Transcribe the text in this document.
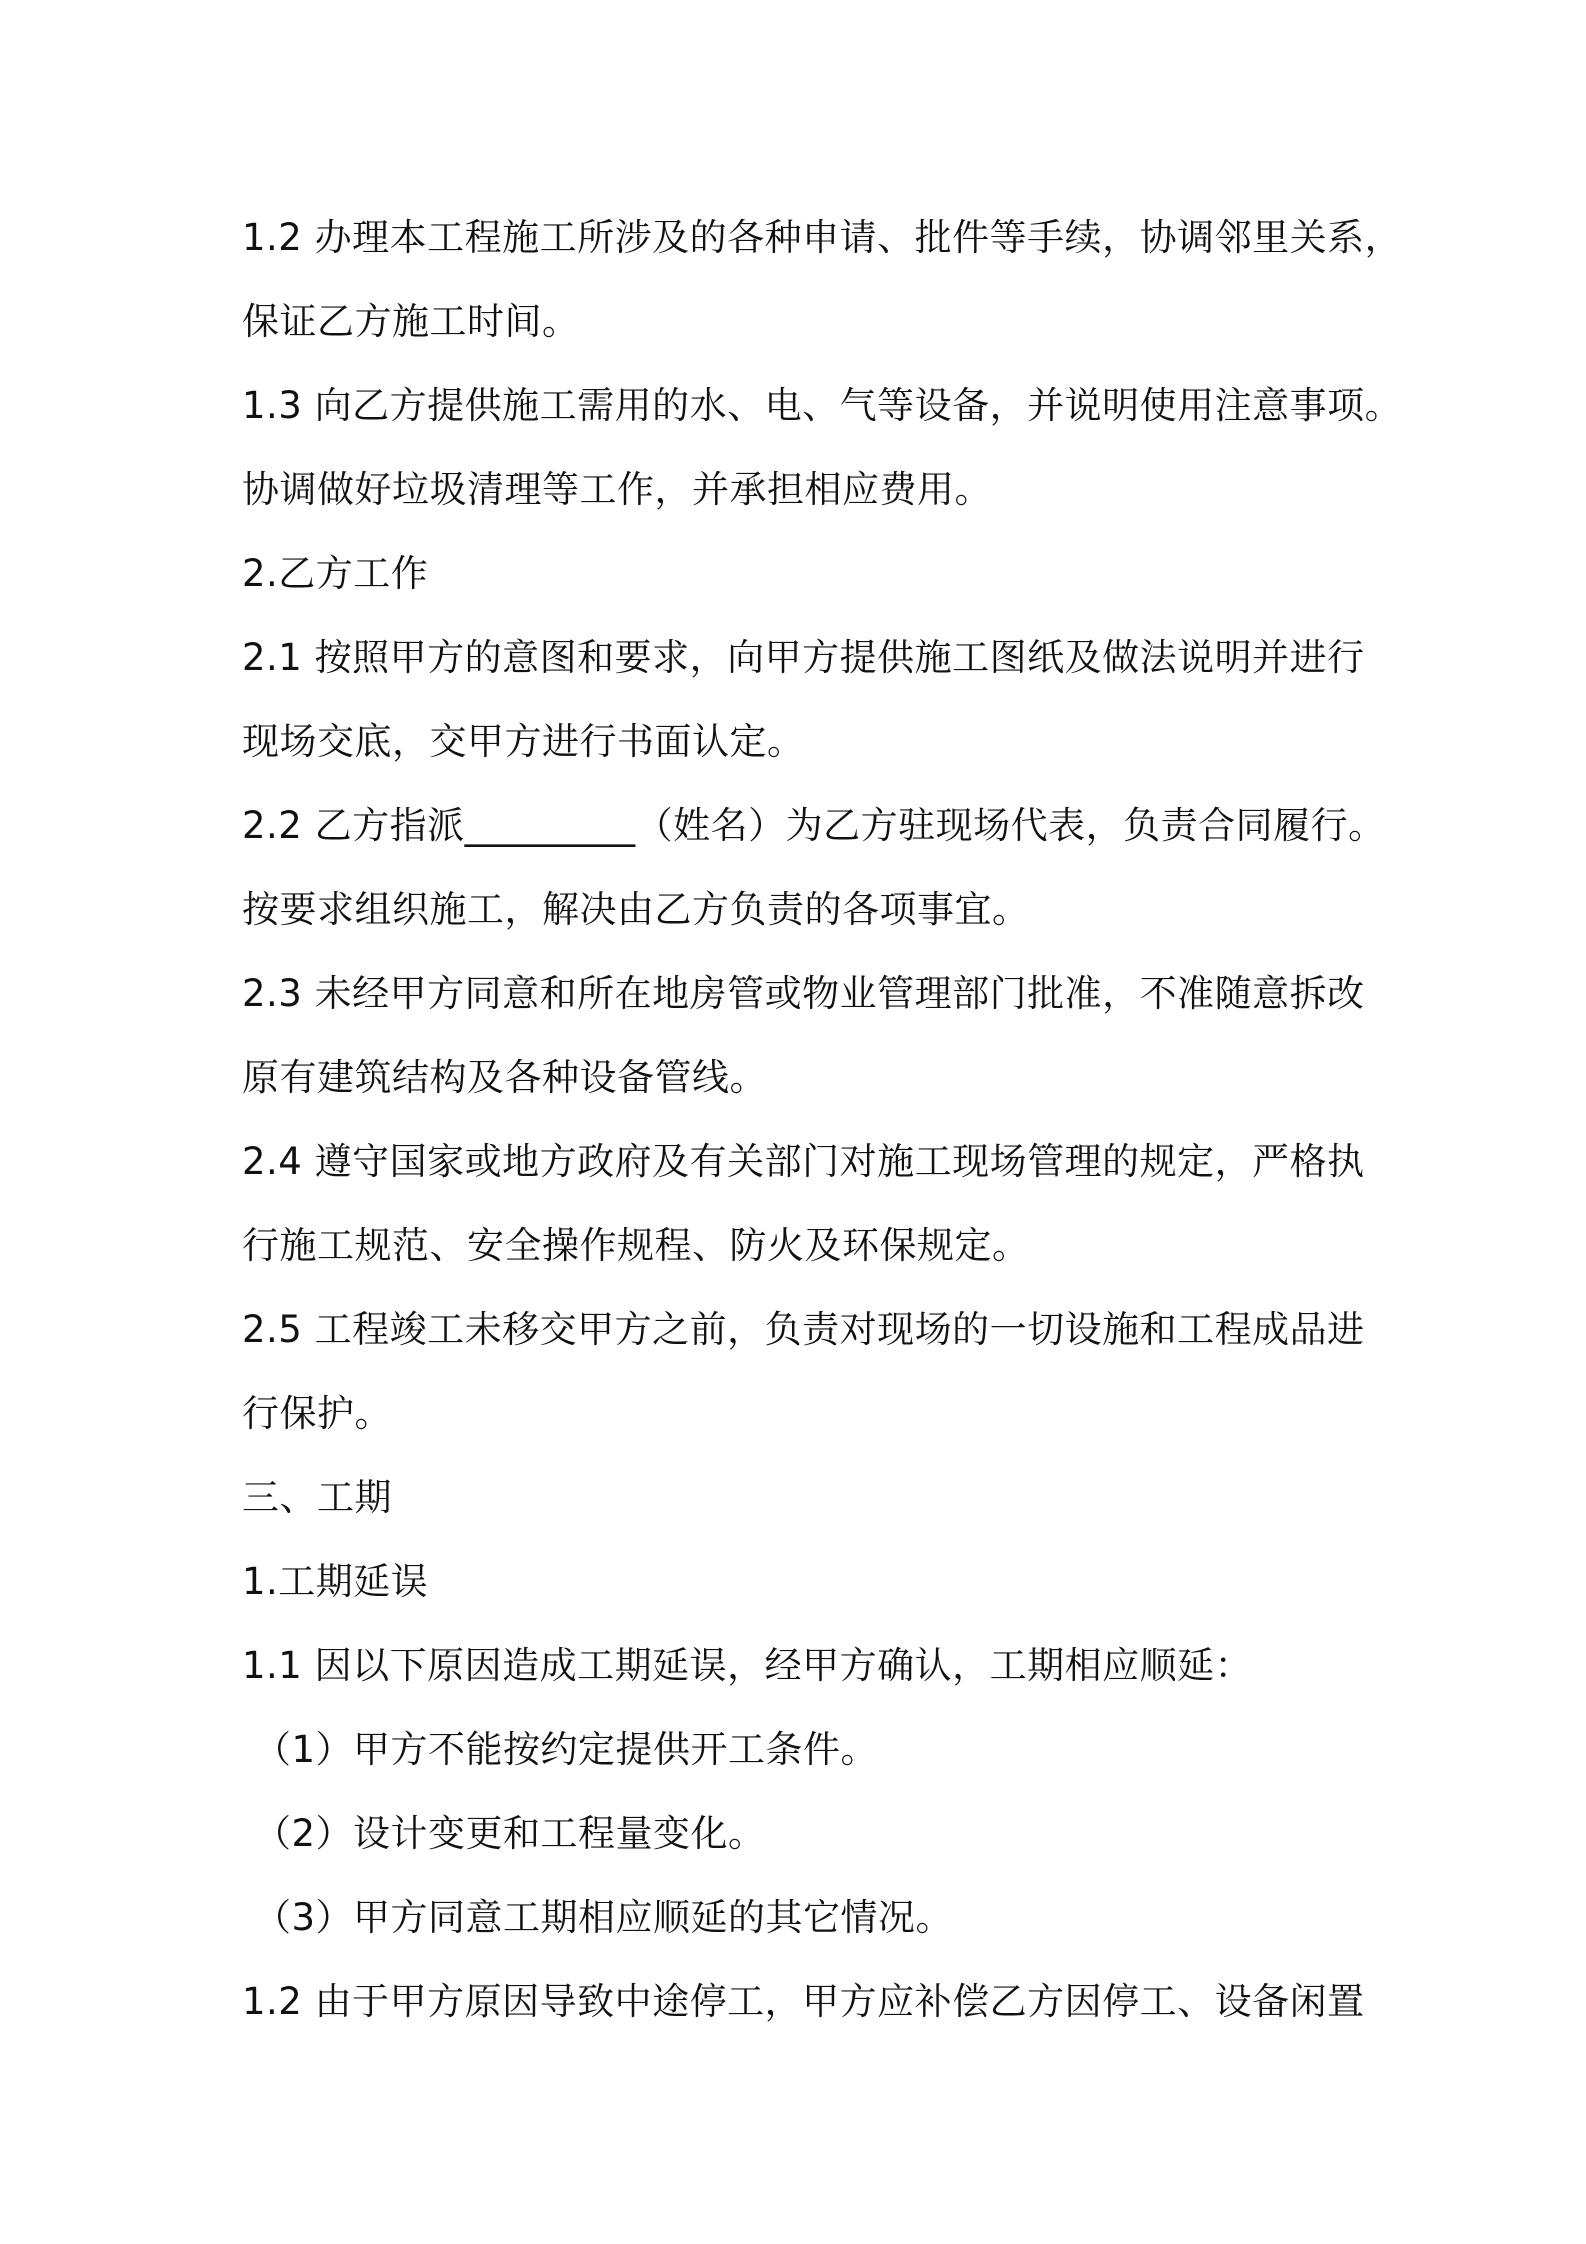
1.2 办理本工程施工所涉及的各种申请、批件等手续，协调邻里关系，
保证乙方施工时间。
1.3 向乙方提供施工需用的水、电、气等设备，并说明使用注意事项。
协调做好垃圾清理等工作，并承担相应费用。
2.乙方工作
2.1 按照甲方的意图和要求，向甲方提供施工图纸及做法说明并进行
现场交底，交甲方进行书面认定。
2.2 乙方指派_________（姓名）为乙方驻现场代表，负责合同履行。
按要求组织施工，解决由乙方负责的各项事宜。
2.3 未经甲方同意和所在地房管或物业管理部门批准，不准随意拆改
原有建筑结构及各种设备管线。
2.4 遵守国家或地方政府及有关部门对施工现场管理的规定，严格执
行施工规范、安全操作规程、防火及环保规定。
2.5 工程竣工未移交甲方之前，负责对现场的一切设施和工程成品进
行保护。
三、工期
1.工期延误
1.1 因以下原因造成工期延误，经甲方确认，工期相应顺延：
（1）甲方不能按约定提供开工条件。
（2）设计变更和工程量变化。
（3）甲方同意工期相应顺延的其它情况。
1.2 由于甲方原因导致中途停工，甲方应补偿乙方因停工、设备闲置
